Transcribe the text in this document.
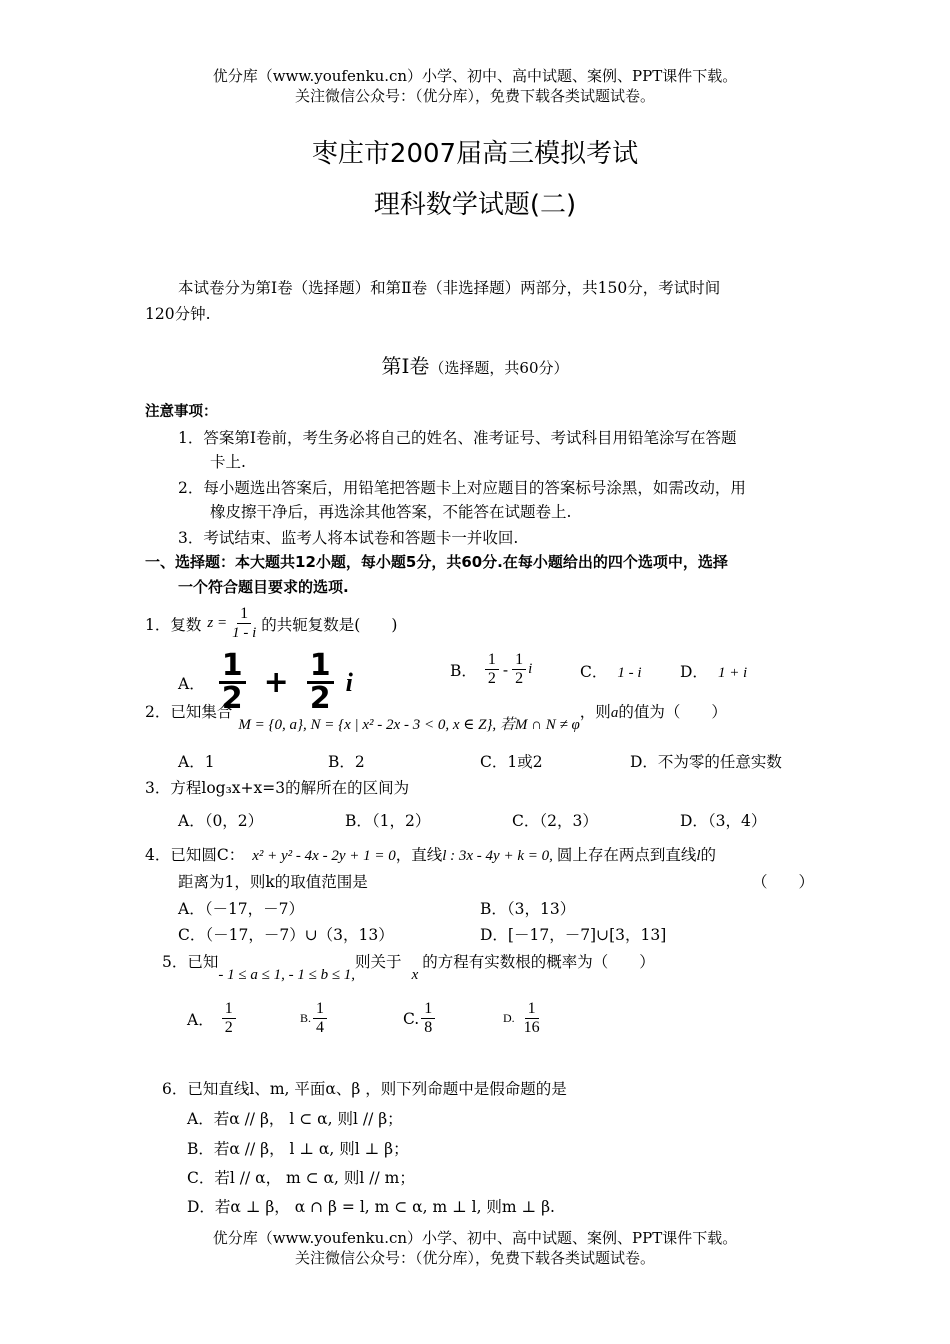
优分库（www.youfenku.cn）小学、初中、高中试题、案例、PPT课件下载。
关注微信公众号：（优分库），免费下载各类试题试卷。
枣庄市2007届高三模拟考试
理科数学试题(二)
本试卷分为第Ⅰ卷（选择题）和第Ⅱ卷（非选择题）两部分，共150分，考试时间
120分钟.
第Ⅰ卷（选择题，共60分）
注意事项：
1．答案第Ⅰ卷前，考生务必将自己的姓名、准考证号、考试科目用铅笔涂写在答题
卡上.
2．每小题选出答案后，用铅笔把答题卡上对应题目的答案标号涂黑，如需改动，用
橡皮擦干净后，再选涂其他答案，不能答在试题卷上.
3．考试结束、监考人将本试卷和答题卡一并收回.
一、选择题：本大题共12小题，每小题5分，共60分.在每小题给出的四个选项中，选择
一个符合题目要求的选项.
1．复数 $z = \frac{1}{1 - i}$ 的共轭复数是(　　)
A． $\frac{1}{2} + \frac{1}{2}$ i	B． $\frac{1}{2} - \frac{1}{2}$ i	C． 1 - i D． 1 + i
2．已知集合M = {0, a}, N = {x | x² - 2x - 3 < 0, x ∈ Z}, 若M ∩ N ≠ φ，则a的值为（　　）
A．1	B．2	C．1或2	D．不为零的任意实数
3．方程log₃x+x=3的解所在的区间为
A．（0，2）	B．（1，2）	C．（2，3）	D．（3，4）
4．已知圆C： x² + y² - 4x - 2y + 1 = 0，直线l : 3x - 4y + k = 0, 圆上存在两点到直线l的
距离为1，则k的取值范围是	（　　）
A．（－17，－7）	B．（3，13）
C．（－17，－7）∪（3，13）	D．[－17，－7]∪[3，13]
5．已知- 1 ≤ a ≤ 1, - 1 ≤ b ≤ 1,则关于x的方程有实数根的概率为（　　）
A． $\frac{1}{2}$	B. $\frac{1}{4}$	C. $\frac{1}{8}$	D. $\frac{1}{16}$
6．已知直线l、m, 平面α、β ，则下列命题中是假命题的是
A．若α // β， l ⊂ α, 则l // β；
B．若α // β， l ⊥ α, 则l ⊥ β；
C．若l // α， m ⊂ α, 则l // m；
D．若α ⊥ β， α ∩ β = l, m ⊂ α, m ⊥ l, 则m ⊥ β.
优分库（www.youfenku.cn）小学、初中、高中试题、案例、PPT课件下载。
关注微信公众号：（优分库），免费下载各类试题试卷。
